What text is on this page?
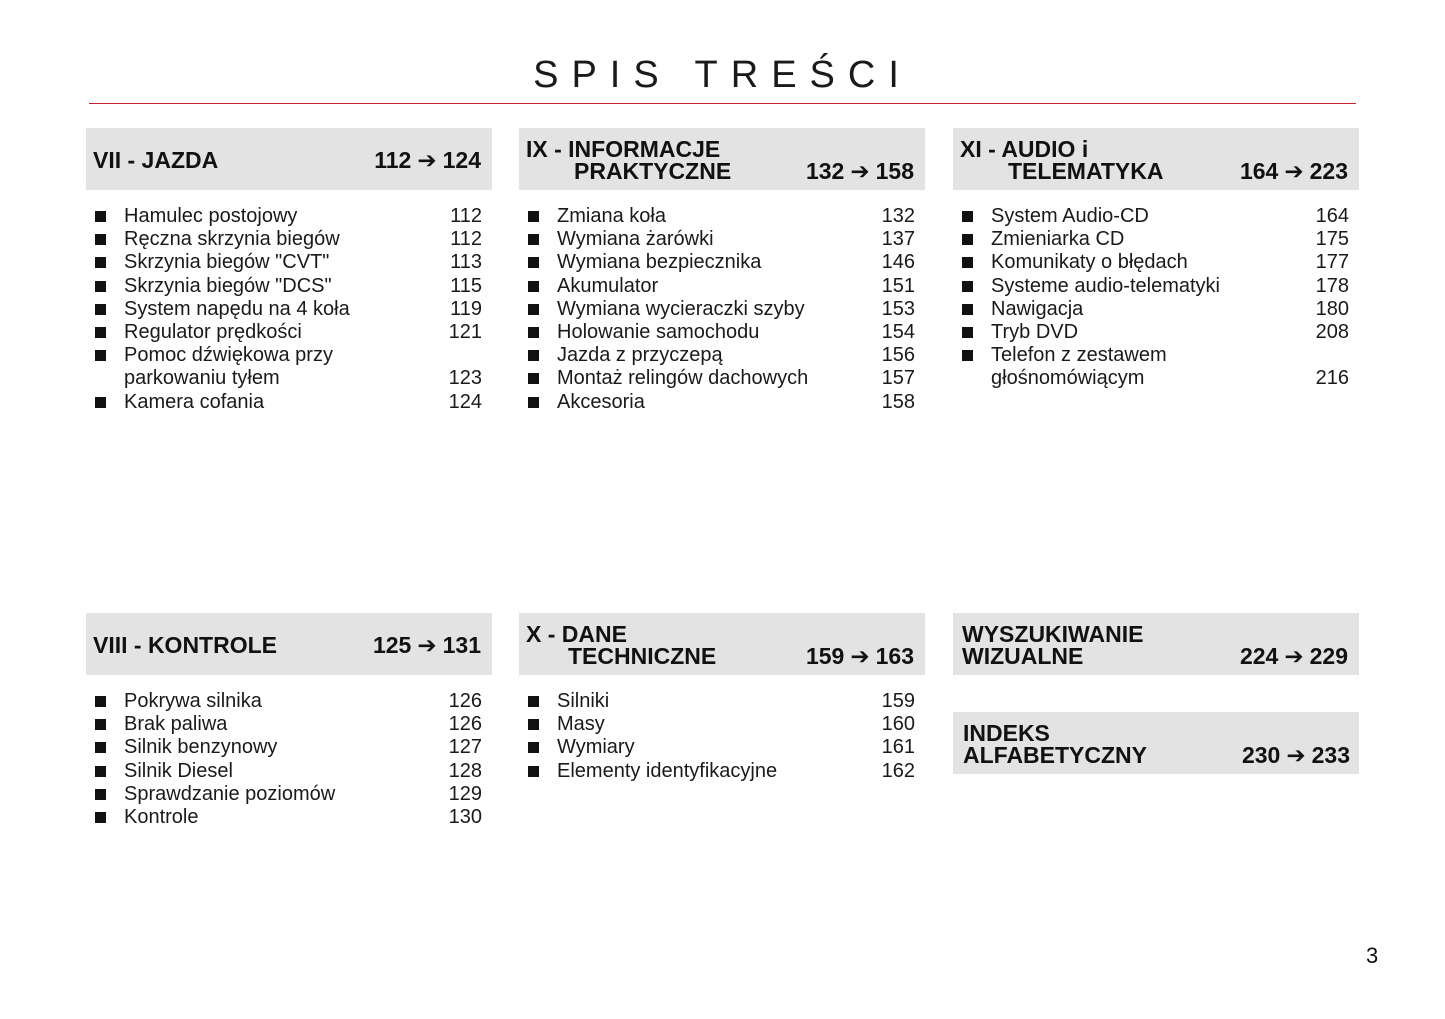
SPIS TREŚCI
VII - JAZDA	112 ➔ 124
Hamulec postojowy	112
Ręczna skrzynia biegów	112
Skrzynia biegów "CVT"	113
Skrzynia biegów "DCS"	115
System napędu na 4 koła	119
Regulator prędkości	121
Pomoc dźwiękowa przy
parkowaniu tyłem	123
Kamera cofania	124
IX - INFORMACJE
PRAKTYCZNE	132 ➔ 158
Zmiana koła	132
Wymiana żarówki	137
Wymiana bezpiecznika	146
Akumulator	151
Wymiana wycieraczki szyby	153
Holowanie samochodu	154
Jazda z przyczepą	156
Montaż relingów dachowych	157
Akcesoria	158
XI - AUDIO i
TELEMATYKA	164 ➔ 223
System Audio-CD	164
Zmieniarka CD	175
Komunikaty o błędach	177
Systeme audio-telematyki	178
Nawigacja	180
Tryb DVD	208
Telefon z zestawem
głośnomówiącym	216
VIII - KONTROLE	125 ➔ 131
Pokrywa silnika	126
Brak paliwa	126
Silnik benzynowy	127
Silnik Diesel	128
Sprawdzanie poziomów	129
Kontrole	130
X - DANE
TECHNICZNE	159 ➔ 163
Silniki	159
Masy	160
Wymiary	161
Elementy identyfikacyjne	162
WYSZUKIWANIE
WIZUALNE	224 ➔ 229
INDEKS
ALFABETYCZNY	230 ➔ 233
3
